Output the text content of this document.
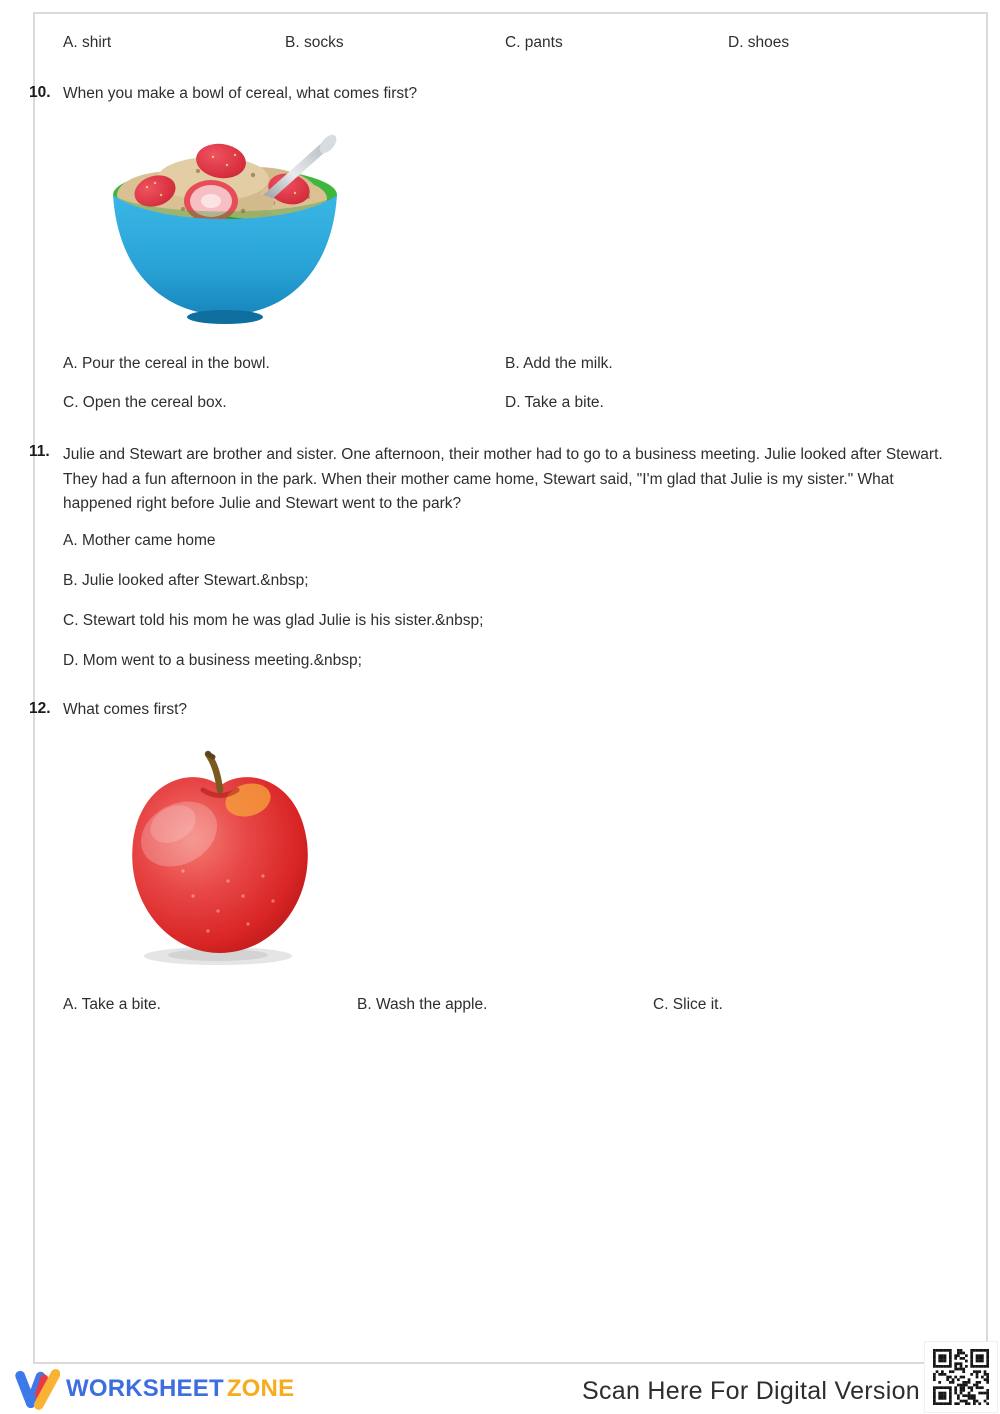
A. shirt	B. socks	C. pants	D. shoes
10. When you make a bowl of cereal, what comes first?
A. Pour the cereal in the bowl.	B. Add the milk.
C. Open the cereal box.	D. Take a bite.
11. Julie and Stewart are brother and sister. One afternoon, their mother had to go to a business meeting. Julie looked after Stewart. They had a fun afternoon in the park. When their mother came home, Stewart said, "I'm glad that Julie is my sister." What happened right before Julie and Stewart went to the park?
A. Mother came home
B. Julie looked after Stewart.&nbsp;
C. Stewart told his mom he was glad Julie is his sister.&nbsp;
D. Mom went to a business meeting.&nbsp;
12. What comes first?
A. Take a bite.	B. Wash the apple.	C. Slice it.
WORKSHEET ZONE	Scan Here For Digital Version
